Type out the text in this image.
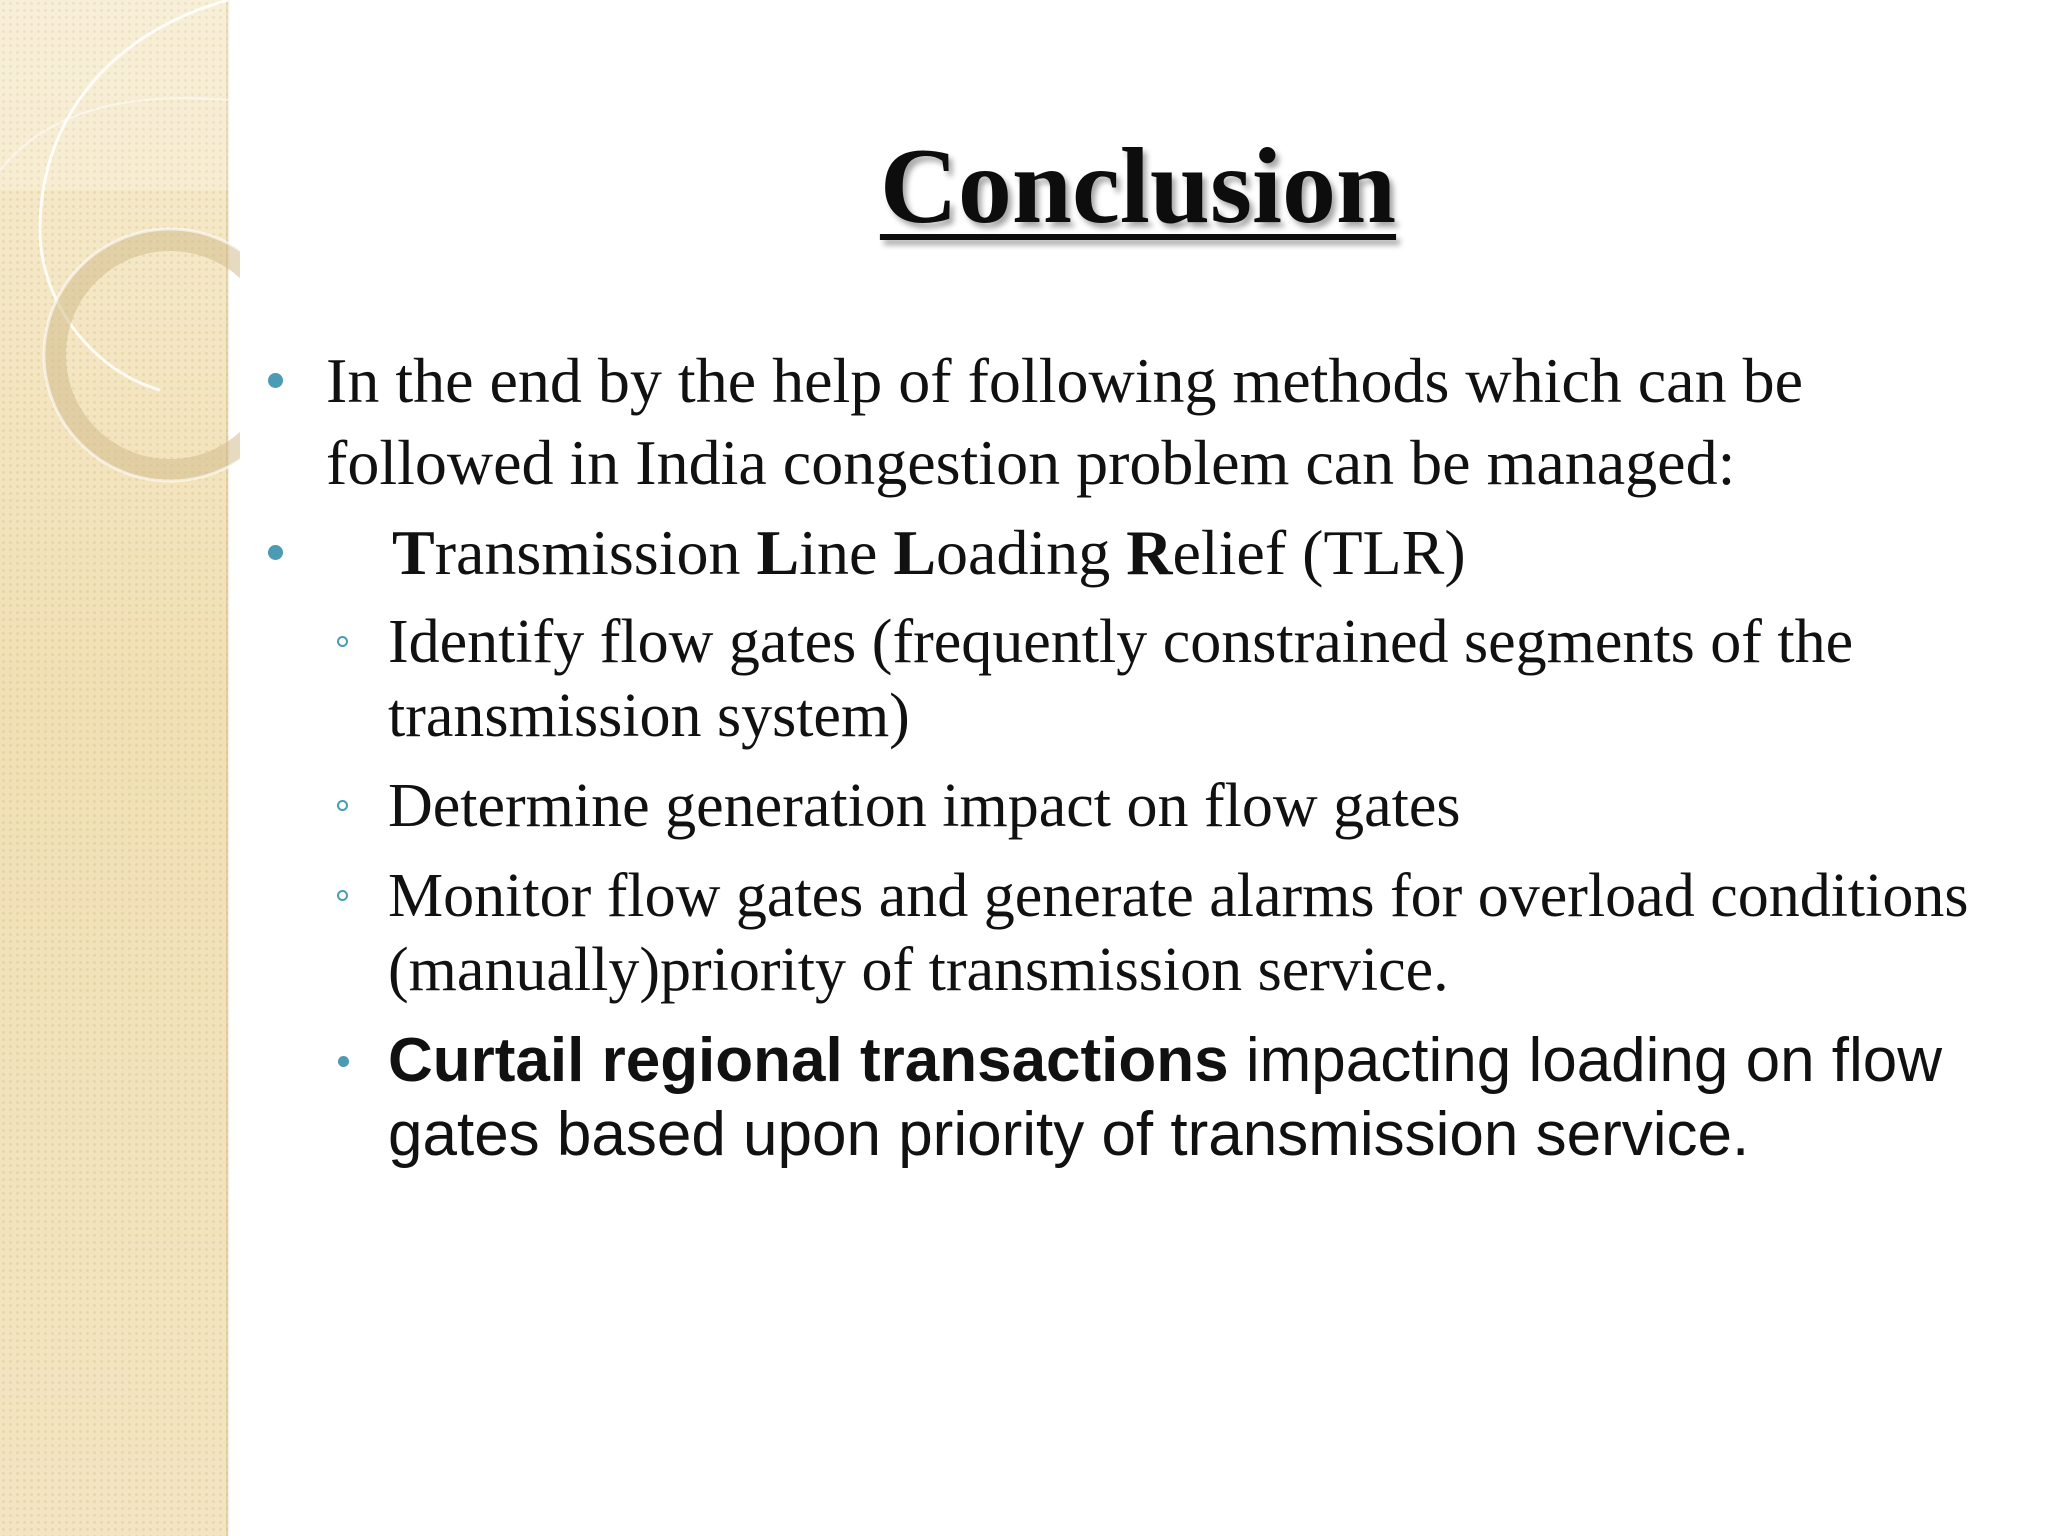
Conclusion
In the end by the help of following methods which can be followed in India congestion problem can be managed:
Transmission Line Loading Relief (TLR)
Identify flow gates (frequently constrained segments of the transmission system)
Determine generation impact on flow gates
Monitor flow gates and generate alarms for overload conditions (manually)priority of transmission service.
Curtail regional transactions impacting loading on flow gates based upon priority of transmission service.
